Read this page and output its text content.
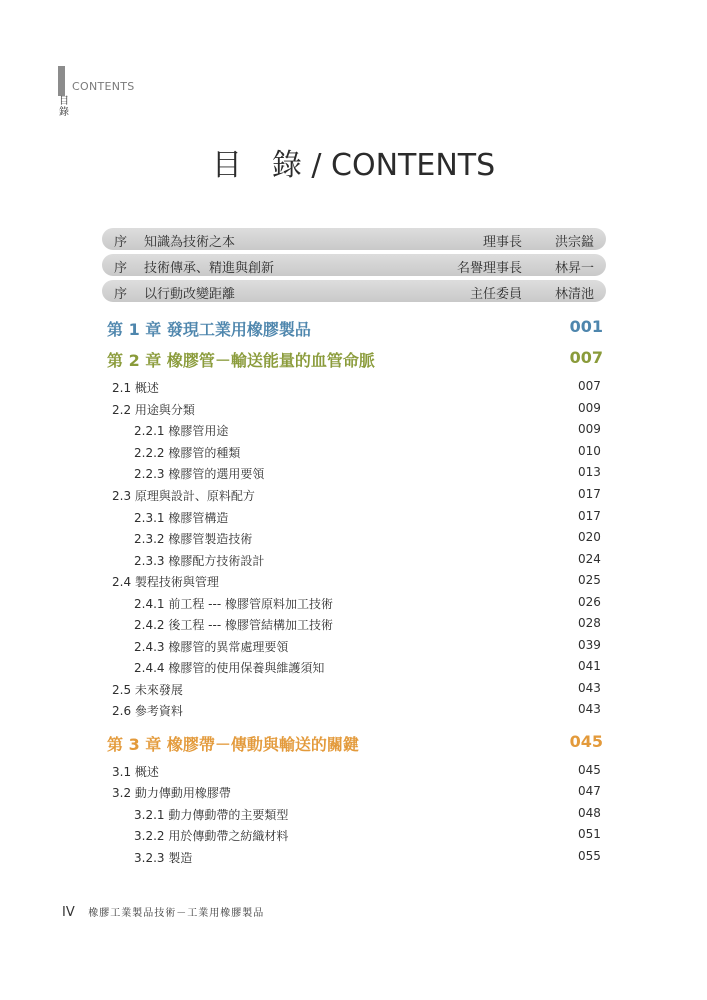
CONTENTS
目錄
目　錄 / CONTENTS
序 知識為技術之本	理事長	洪宗鎰
序 技術傳承、精進與創新	名譽理事長	林昇一
序 以行動改變距離	主任委員	林清池
第 1 章 發現工業用橡膠製品	001
第 2 章 橡膠管－輸送能量的血管命脈	007
2.1 概述	007
2.2 用途與分類	009
2.2.1 橡膠管用途	009
2.2.2 橡膠管的種類	010
2.2.3 橡膠管的選用要領	013
2.3 原理與設計、原料配方	017
2.3.1 橡膠管構造	017
2.3.2 橡膠管製造技術	020
2.3.3 橡膠配方技術設計	024
2.4 製程技術與管理	025
2.4.1 前工程 --- 橡膠管原料加工技術	026
2.4.2 後工程 --- 橡膠管結構加工技術	028
2.4.3 橡膠管的異常處理要領	039
2.4.4 橡膠管的使用保養與維護須知	041
2.5 未來發展	043
2.6 參考資料	043
第 3 章 橡膠帶－傳動與輸送的關鍵	045
3.1 概述	045
3.2 動力傳動用橡膠帶	047
3.2.1 動力傳動帶的主要類型	048
3.2.2 用於傳動帶之紡織材料	051
3.2.3 製造	055
IV 橡膠工業製品技術－工業用橡膠製品
